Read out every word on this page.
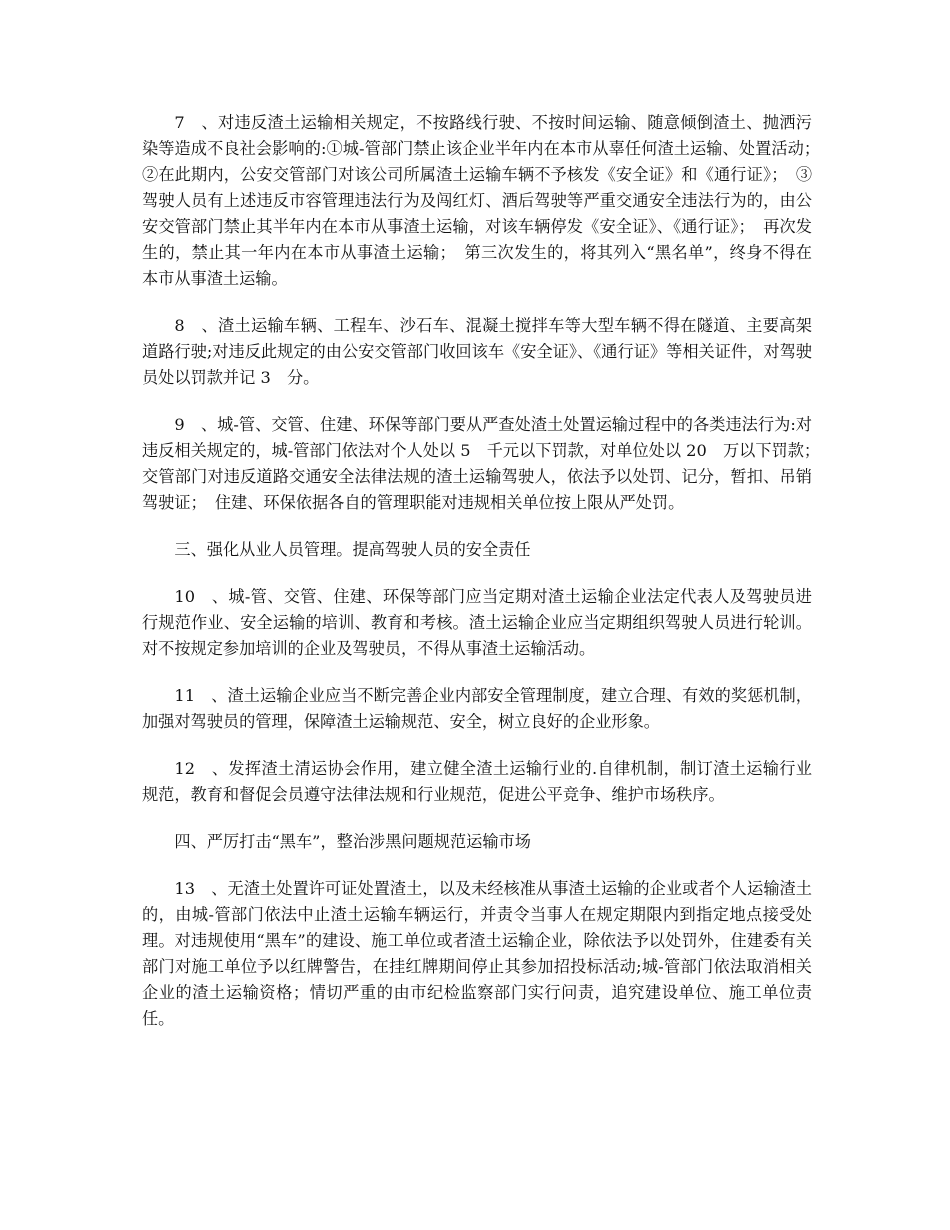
7　、对违反渣土运输相关规定，不按路线行驶、不按时间运输、随意倾倒渣土、抛洒污染等造成不良社会影响的:①城-管部门禁止该企业半年内在本市从辜任何渣土运输、处置活动；　②在此期内，公安交管部门对该公司所属渣土运输车辆不予核发《安全证》和《通行证》；　③驾驶人员有上述违反市容管理违法行为及闯红灯、酒后驾驶等严重交通安全违法行为的，由公安交管部门禁止其半年内在本市从事渣土运输，对该车辆停发《安全证》、《通行证》；　再次发生的，禁止其一年内在本市从事渣土运输；　第三次发生的，将其列入“黑名单”，终身不得在本市从事渣土运输。

8　、渣土运输车辆、工程车、沙石车、混凝土搅拌车等大型车辆不得在隧道、主要高架道路行驶;对违反此规定的由公安交管部门收回该车《安全证》、《通行证》等相关证件，对驾驶员处以罚款并记 3　分。

9　、城-管、交管、住建、环保等部门要从严查处渣土处置运输过程中的各类违法行为:对违反相关规定的，城-管部门依法对个人处以 5　千元以下罚款，对单位处以 20　万以下罚款；　交管部门对违反道路交通安全法律法规的渣土运输驾驶人，依法予以处罚、记分，暂扣、吊销驾驶证；　住建、环保依据各自的管理职能对违规相关单位按上限从严处罚。

三、强化从业人员管理。提高驾驶人员的安全责任

10　、城-管、交管、住建、环保等部门应当定期对渣土运输企业法定代表人及驾驶员进行规范作业、安全运输的培训、教育和考核。渣土运输企业应当定期组织驾驶人员进行轮训。对不按规定参加培训的企业及驾驶员，不得从事渣土运输活动。

11　、渣土运输企业应当不断完善企业内部安全管理制度，建立合理、有效的奖惩机制，加强对驾驶员的管理，保障渣土运输规范、安全，树立良好的企业形象。

12　、发挥渣土清运协会作用，建立健全渣土运输行业的.自律机制，制订渣土运输行业规范，教育和督促会员遵守法律法规和行业规范，促进公平竞争、维护市场秩序。

四、严厉打击“黑车”，整治涉黑问题规范运输市场

13　、无渣土处置许可证处置渣土，以及未经核准从事渣土运输的企业或者个人运输渣土的，由城-管部门依法中止渣土运输车辆运行，并责令当事人在规定期限内到指定地点接受处理。对违规使用“黑车”的建设、施工单位或者渣土运输企业，除依法予以处罚外，住建委有关部门对施工单位予以红牌警告，在挂红牌期间停止其参加招投标活动;城-管部门依法取消相关企业的渣土运输资格；情切严重的由市纪检监察部门实行问责，追究建设单位、施工单位责任。
